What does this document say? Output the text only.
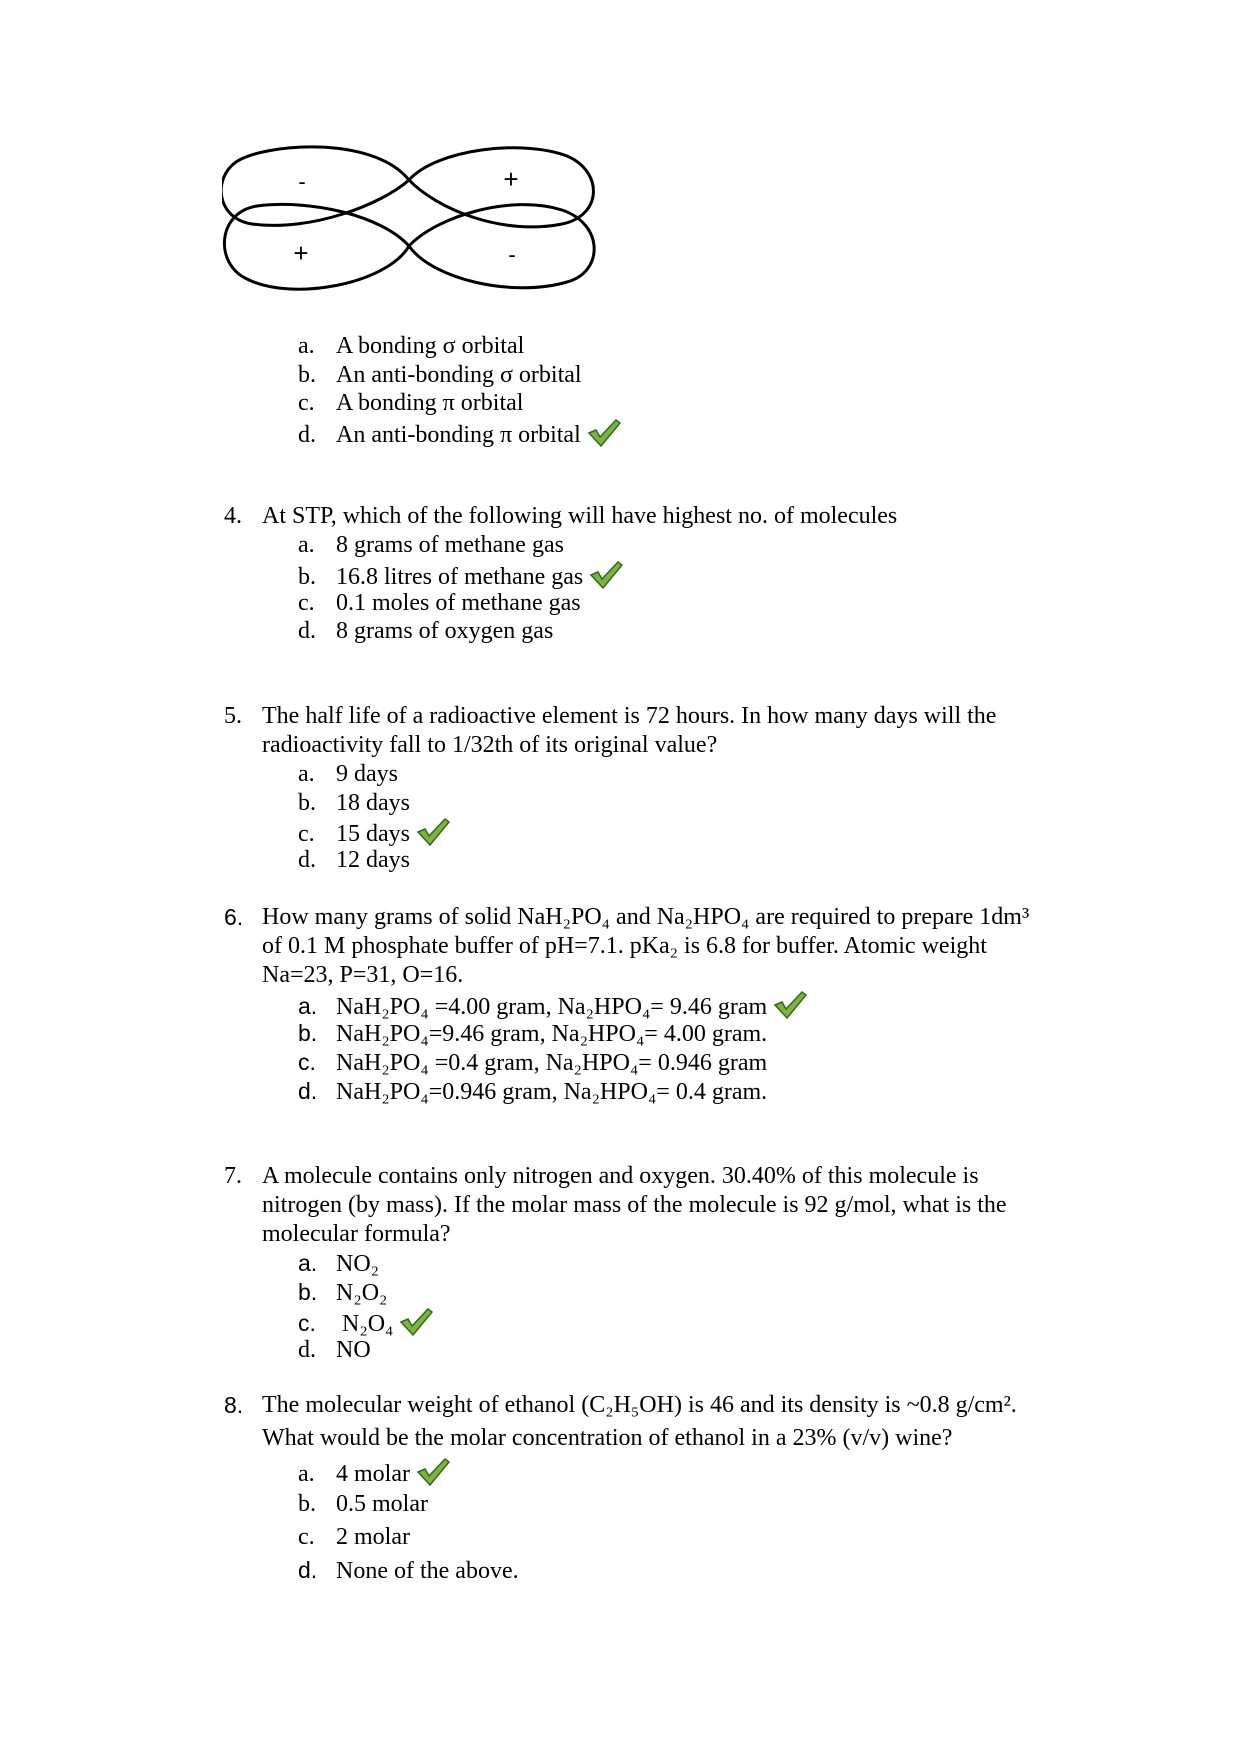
-	+
+	-
a. A bonding σ orbital
b. An anti-bonding σ orbital
c. A bonding π orbital
d. An anti-bonding π orbital
4. At STP, which of the following will have highest no. of molecules
a. 8 grams of methane gas
b. 16.8 litres of methane gas
c. 0.1 moles of methane gas
d. 8 grams of oxygen gas
5. The half life of a radioactive element is 72 hours. In how many days will the
radioactivity fall to 1/32th of its original value?
a. 9 days
b. 18 days
c. 15 days
d. 12 days
6. How many grams of solid NaH₂PO₄ and Na₂HPO₄ are required to prepare 1dm³
of 0.1 M phosphate buffer of pH=7.1. pKa₂ is 6.8 for buffer. Atomic weight
Na=23, P=31, O=16.
a. NaH₂PO₄ =4.00 gram, Na₂HPO₄= 9.46 gram
b. NaH₂PO₄=9.46 gram, Na₂HPO₄= 4.00 gram.
c. NaH₂PO₄ =0.4 gram, Na₂HPO₄= 0.946 gram
d. NaH₂PO₄=0.946 gram, Na₂HPO₄= 0.4 gram.
7. A molecule contains only nitrogen and oxygen. 30.40% of this molecule is
nitrogen (by mass). If the molar mass of the molecule is 92 g/mol, what is the
molecular formula?
a. NO₂
b. N₂O₂
c. N₂O₄
d. NO
8. The molecular weight of ethanol (C₂H₅OH) is 46 and its density is ~0.8 g/cm².
What would be the molar concentration of ethanol in a 23% (v/v) wine?
a. 4 molar
b. 0.5 molar
c. 2 molar
d. None of the above.
